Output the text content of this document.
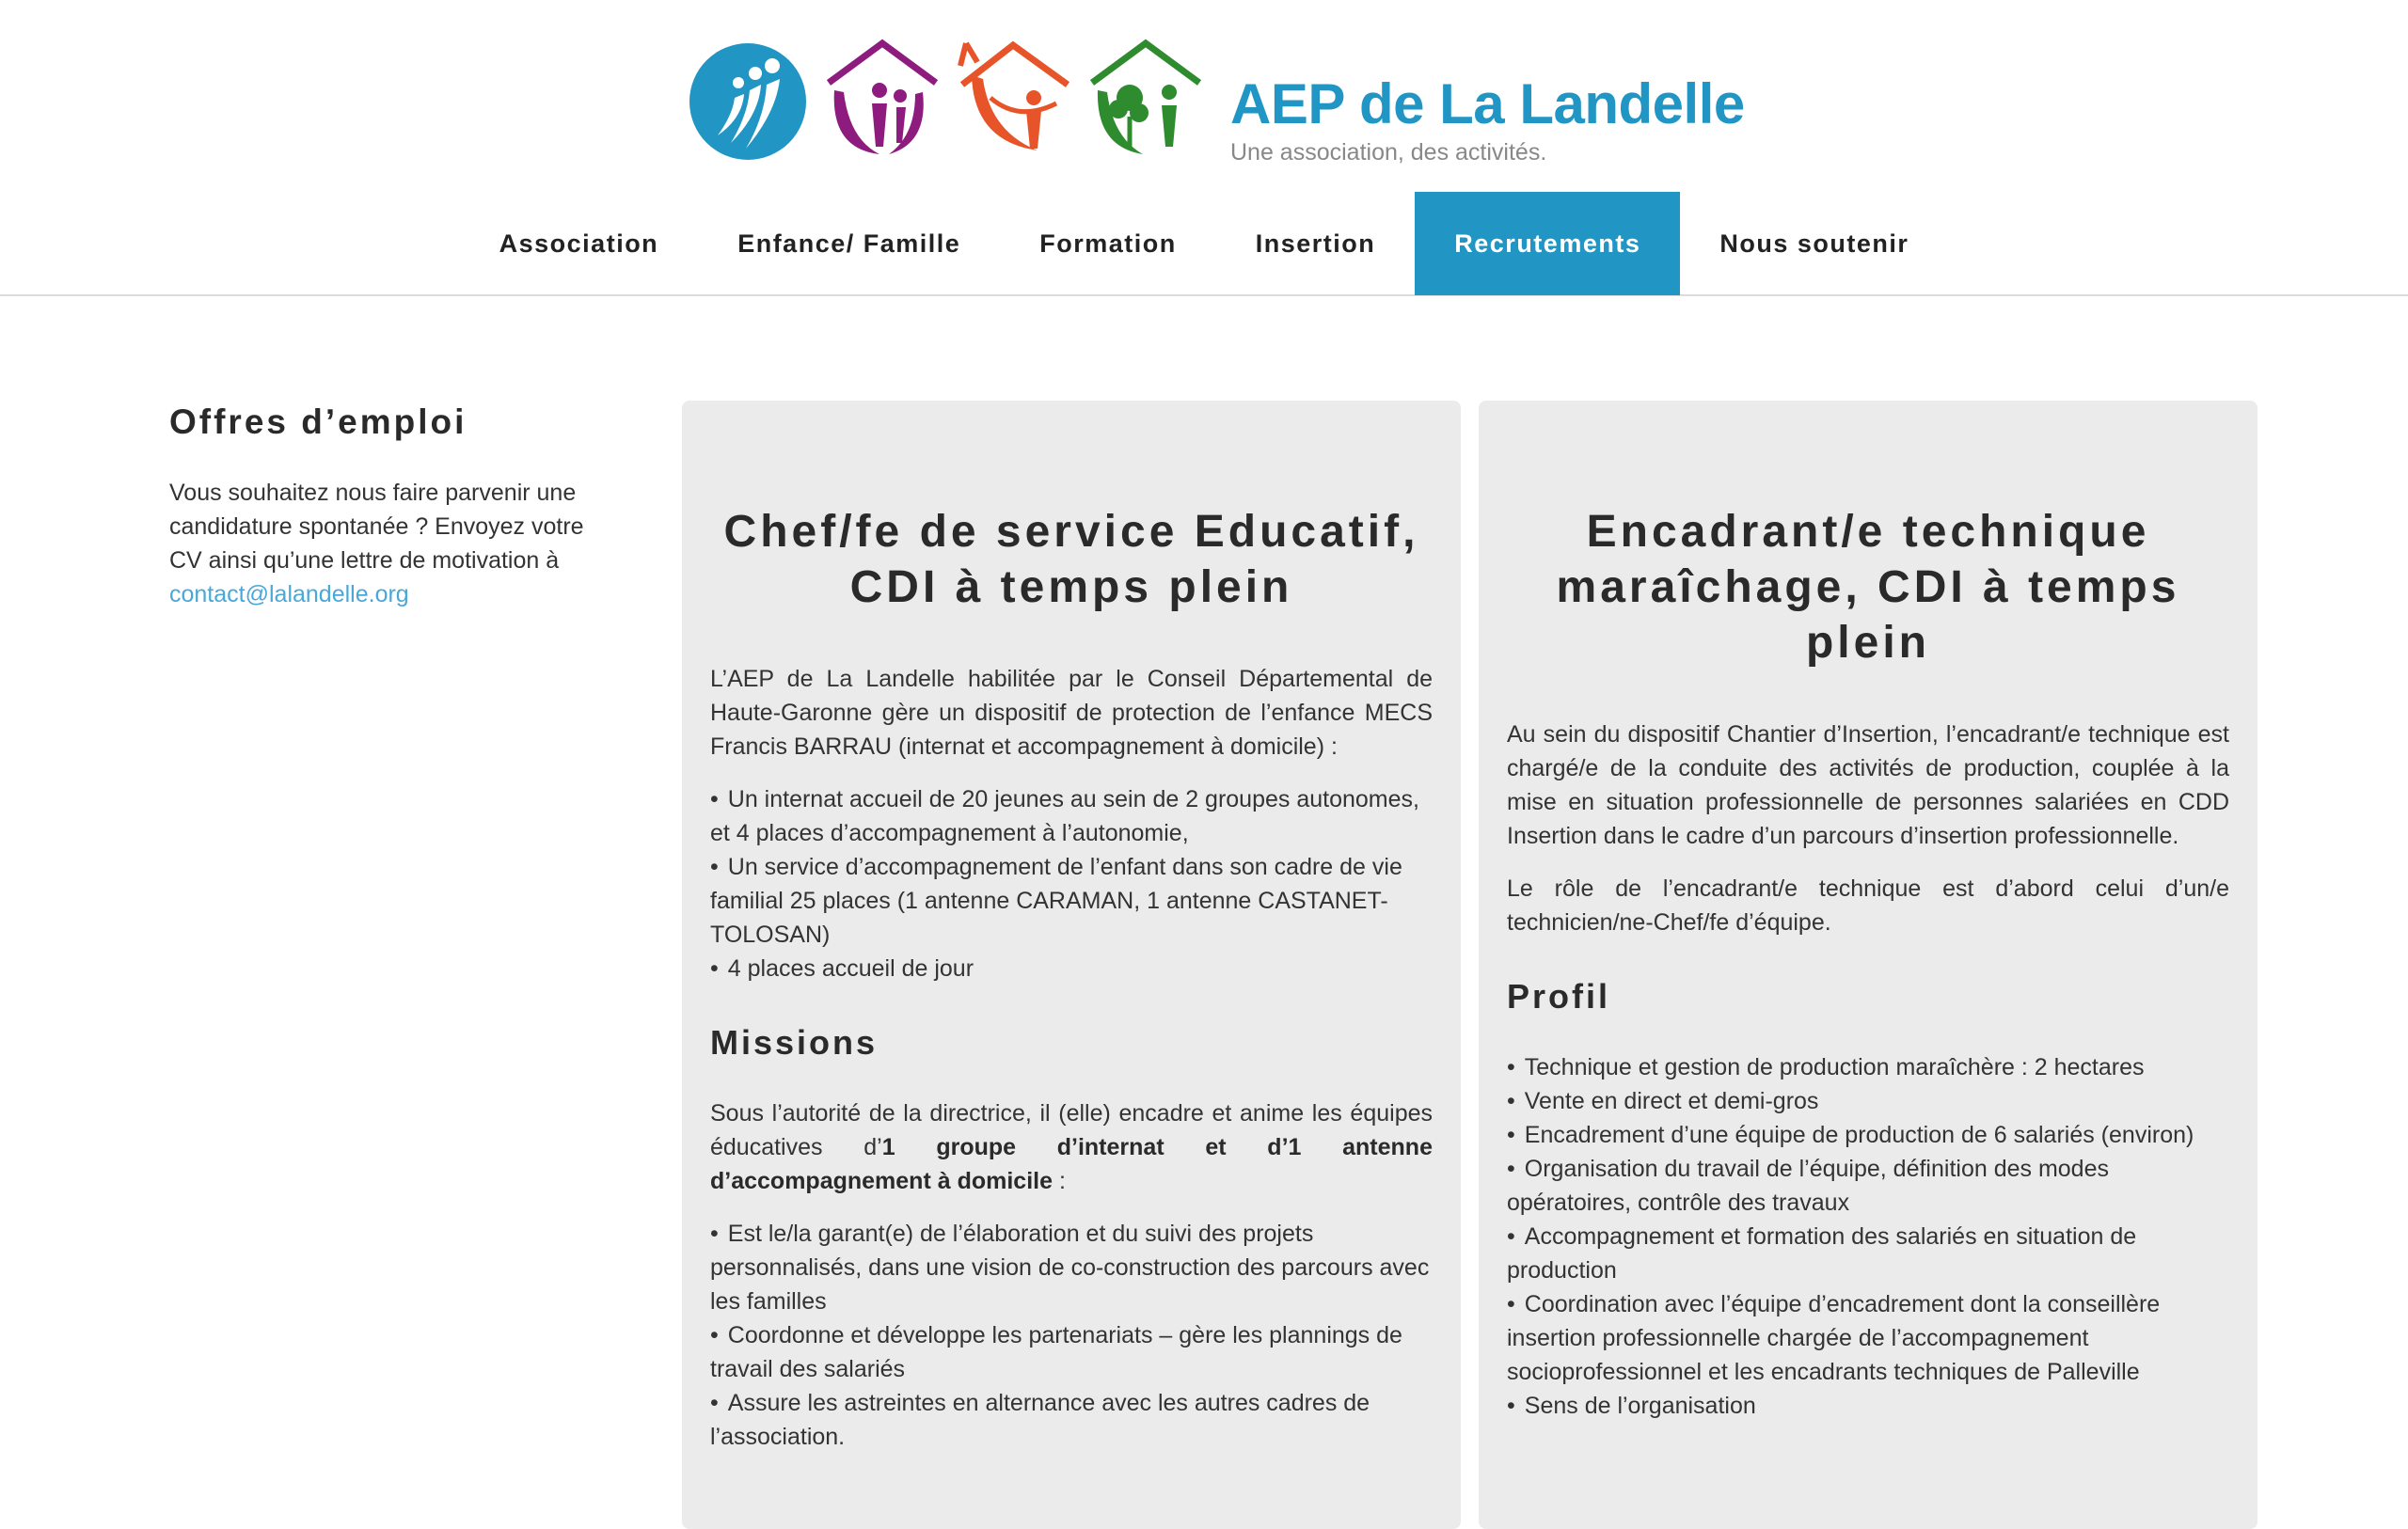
AEP de La Landelle
Une association, des activités.
Association	Enfance/ Famille	Formation	Insertion	Recrutements	Nous soutenir
Offres d’emploi

Vous souhaitez nous faire parvenir une candidature spontanée ? Envoyez votre CV ainsi qu’une lettre de motivation à contact@lalandelle.org

Chef/fe de service Educatif, CDI à temps plein

L’AEP de La Landelle habilitée par le Conseil Départemental de Haute-Garonne gère un dispositif de protection de l’enfance MECS Francis BARRAU (internat et accompagnement à domicile) :

• Un internat accueil de 20 jeunes au sein de 2 groupes autonomes, et 4 places d’accompagnement à l’autonomie,
• Un service d’accompagnement de l’enfant dans son cadre de vie familial 25 places (1 antenne CARAMAN, 1 antenne CASTANET-TOLOSAN)
• 4 places accueil de jour
Missions

Sous l’autorité de la directrice, il (elle) encadre et anime les équipes éducatives d’1 groupe d’internat et d’1 antenne d’accompagnement à domicile :

• Est le/la garant(e) de l’élaboration et du suivi des projets personnalisés, dans une vision de co-construction des parcours avec les familles
• Coordonne et développe les partenariats – gère les plannings de travail des salariés
• Assure les astreintes en alternance avec les autres cadres de l’association.
Encadrant/e technique maraîchage, CDI à temps plein

Au sein du dispositif Chantier d’Insertion, l’encadrant/e technique est chargé/e de la conduite des activités de production, couplée à la mise en situation professionnelle de personnes salariées en CDD Insertion dans le cadre d’un parcours d’insertion professionnelle.

Le rôle de l’encadrant/e technique est d’abord celui d’un/e technicien/ne-Chef/fe d’équipe.

Profil
• Technique et gestion de production maraîchère : 2 hectares
• Vente en direct et demi-gros
• Encadrement d’une équipe de production de 6 salariés (environ)
• Organisation du travail de l’équipe, définition des modes opératoires, contrôle des travaux
• Accompagnement et formation des salariés en situation de production
• Coordination avec l’équipe d’encadrement dont la conseillère insertion professionnelle chargée de l’accompagnement socioprofessionnel et les encadrants techniques de Palleville
• Sens de l’organisation
